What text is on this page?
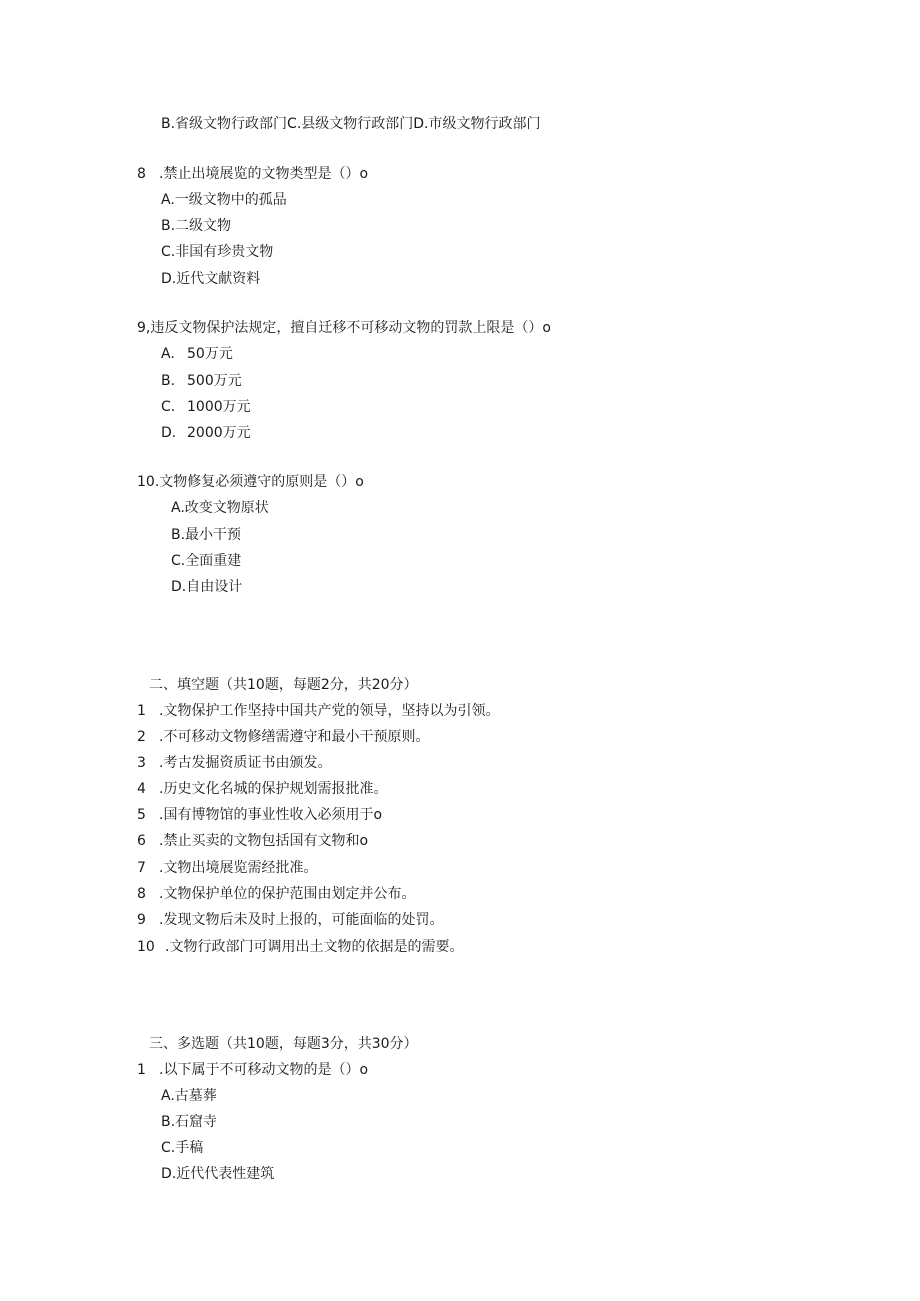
B.省级文物行政部门C.县级文物行政部门D.市级文物行政部门
8 .禁止出境展览的文物类型是（）o
A.一级文物中的孤品
B.二级文物
C.非国有珍贵文物
D.近代文献资料
9,违反文物保护法规定，擅自迁移不可移动文物的罚款上限是（）o
A. 50万元
B. 500万元
C. 1000万元
D. 2000万元
10.文物修复必须遵守的原则是（）o
A.改变文物原状
B.最小干预
C.全面重建
D.自由设计
二、填空题（共10题，每题2分，共20分）
1 .文物保护工作坚持中国共产党的领导，坚持以为引领。
2 .不可移动文物修缮需遵守和最小干预原则。
3 .考古发掘资质证书由颁发。
4 .历史文化名城的保护规划需报批准。
5 .国有博物馆的事业性收入必须用于o
6 .禁止买卖的文物包括国有文物和o
7 .文物出境展览需经批准。
8 .文物保护单位的保护范围由划定并公布。
9 .发现文物后未及时上报的，可能面临的处罚。
10 .文物行政部门可调用出土文物的依据是的需要。
三、多选题（共10题，每题3分，共30分）
1 .以下属于不可移动文物的是（）o
A.古墓葬
B.石窟寺
C.手稿
D.近代代表性建筑
